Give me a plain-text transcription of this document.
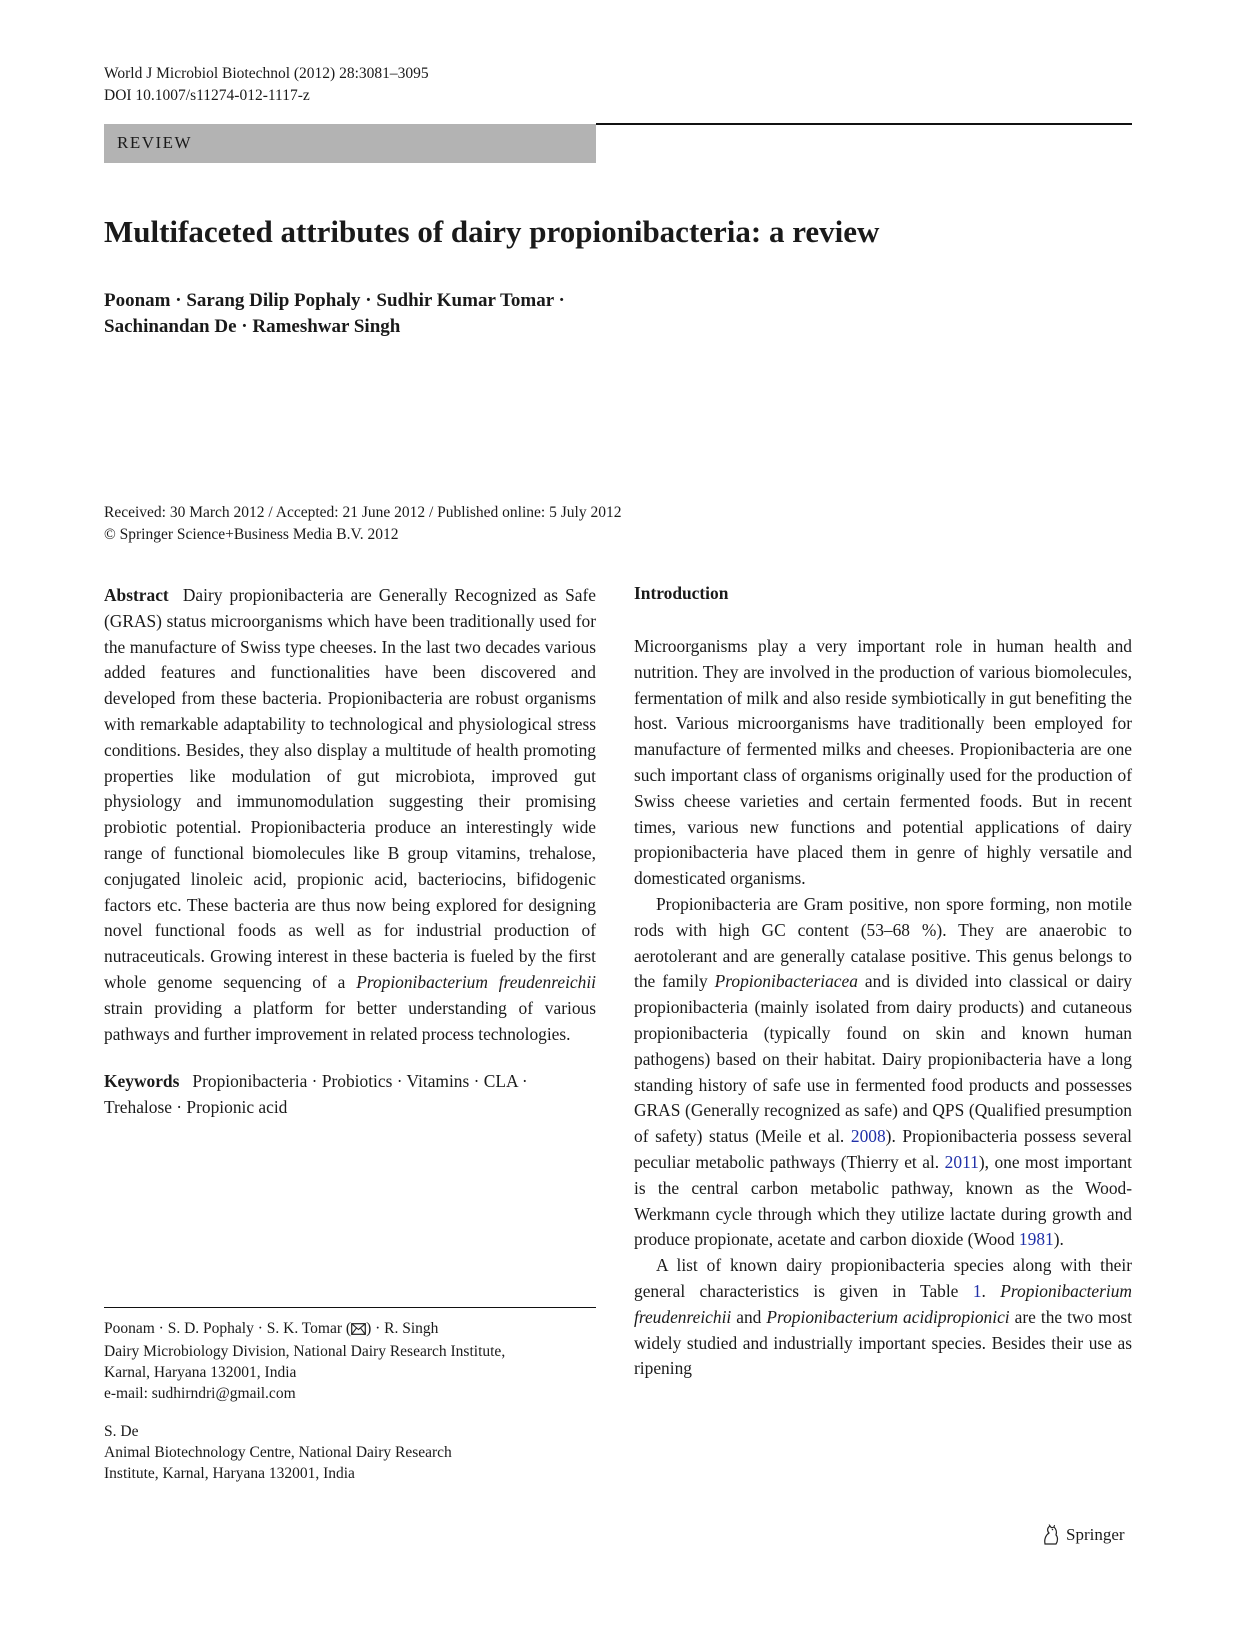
World J Microbiol Biotechnol (2012) 28:3081–3095
DOI 10.1007/s11274-012-1117-z
REVIEW
Multifaceted attributes of dairy propionibacteria: a review
Poonam · Sarang Dilip Pophaly · Sudhir Kumar Tomar ·
Sachinandan De · Rameshwar Singh
Received: 30 March 2012 / Accepted: 21 June 2012 / Published online: 5 July 2012
© Springer Science+Business Media B.V. 2012

Abstract Dairy propionibacteria are Generally Recognized as Safe (GRAS) status microorganisms which have been traditionally used for the manufacture of Swiss type cheeses. In the last two decades various added features and functionalities have been discovered and developed from these bacteria. Propionibacteria are robust organisms with remarkable adaptability to technological and physiological stress conditions. Besides, they also display a multitude of health promoting properties like modulation of gut microbiota, improved gut physiology and immunomodulation suggesting their promising probiotic potential. Propionibacteria produce an interestingly wide range of functional biomolecules like B group vitamins, trehalose, conjugated linoleic acid, propionic acid, bacteriocins, bifidogenic factors etc. These bacteria are thus now being explored for designing novel functional foods as well as for industrial production of nutraceuticals. Growing interest in these bacteria is fueled by the first whole genome sequencing of a Propionibacterium freudenreichii strain providing a platform for better understanding of various pathways and further improvement in related process technologies.

Keywords Propionibacteria · Probiotics · Vitamins · CLA · Trehalose · Propionic acid

Poonam · S. D. Pophaly · S. K. Tomar ( ) · R. Singh
Dairy Microbiology Division, National Dairy Research Institute,
Karnal, Haryana 132001, India
e-mail: sudhirndri@gmail.com
S. De
Animal Biotechnology Centre, National Dairy Research
Institute, Karnal, Haryana 132001, India
Introduction

Microorganisms play a very important role in human health and nutrition. They are involved in the production of various biomolecules, fermentation of milk and also reside symbiotically in gut benefiting the host. Various microorganisms have traditionally been employed for manufacture of fermented milks and cheeses. Propionibacteria are one such important class of organisms originally used for the production of Swiss cheese varieties and certain fermented foods. But in recent times, various new functions and potential applications of dairy propionibacteria have placed them in genre of highly versatile and domesticated organisms.

Propionibacteria are Gram positive, non spore forming, non motile rods with high GC content (53–68 %). They are anaerobic to aerotolerant and are generally catalase positive. This genus belongs to the family Propionibacteriacea and is divided into classical or dairy propionibacteria (mainly isolated from dairy products) and cutaneous propionibacteria (typically found on skin and known human pathogens) based on their habitat. Dairy propionibacteria have a long standing history of safe use in fermented food products and possesses GRAS (Generally recognized as safe) and QPS (Qualified presumption of safety) status (Meile et al. 2008). Propionibacteria possess several peculiar metabolic pathways (Thierry et al. 2011), one most important is the central carbon metabolic pathway, known as the Wood-Werkmann cycle through which they utilize lactate during growth and produce propionate, acetate and carbon dioxide (Wood 1981).

A list of known dairy propionibacteria species along with their general characteristics is given in Table 1. Propionibacterium freudenreichii and Propionibacterium acidipropionici are the two most widely studied and industrially important species. Besides their use as ripening

Springer
